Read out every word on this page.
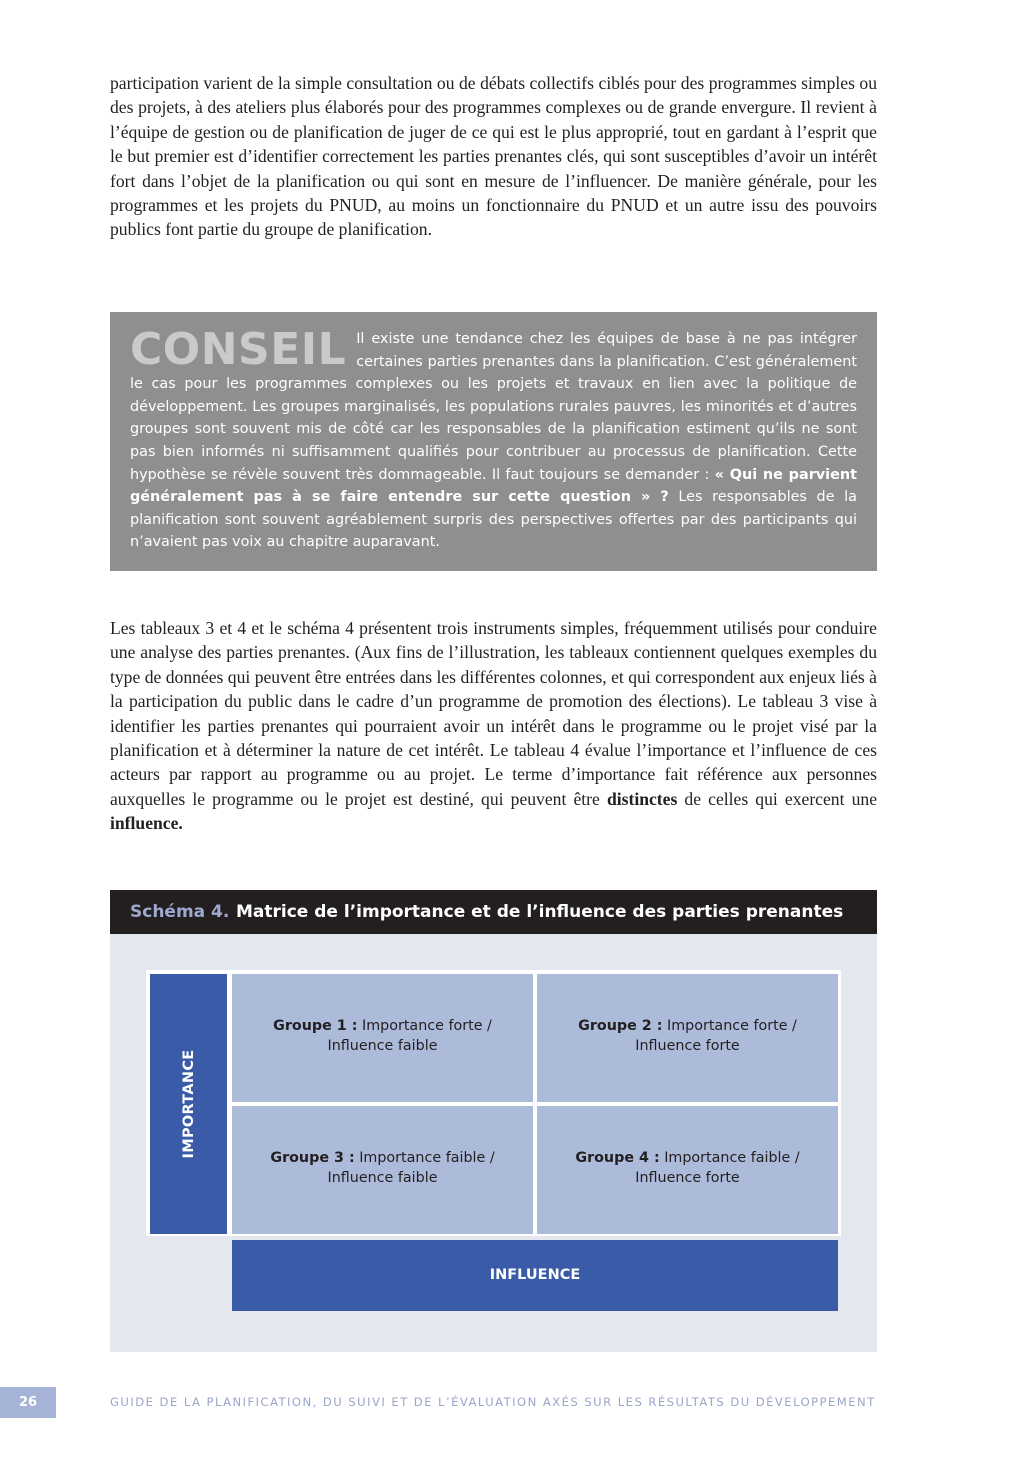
participation varient de la simple consultation ou de débats collectifs ciblés pour des programmes simples ou des projets, à des ateliers plus élaborés pour des programmes complexes ou de grande envergure. Il revient à l’équipe de gestion ou de planification de juger de ce qui est le plus approprié, tout en gardant à l’esprit que le but premier est d’identifier correctement les parties prenantes clés, qui sont susceptibles d’avoir un intérêt fort dans l’objet de la planification ou qui sont en mesure de l’influencer. De manière générale, pour les programmes et les projets du PNUD, au moins un fonctionnaire du PNUD et un autre issu des pouvoirs publics font partie du groupe de planification.

CONSEIL Il existe une tendance chez les équipes de base à ne pas intégrer certaines parties prenantes dans la planification. C’est généralement le cas pour les programmes complexes ou les projets et travaux en lien avec la politique de développement. Les groupes marginalisés, les populations rurales pauvres, les minorités et d’autres groupes sont souvent mis de côté car les responsables de la planification estiment qu’ils ne sont pas bien informés ni suffisamment qualifiés pour contribuer au processus de planification. Cette hypothèse se révèle souvent très dommageable. Il faut toujours se demander : « Qui ne parvient généralement pas à se faire entendre sur cette question » ? Les responsables de la planification sont souvent agréablement surpris des perspectives offertes par des participants qui n’avaient pas voix au chapitre auparavant.

Les tableaux 3 et 4 et le schéma 4 présentent trois instruments simples, fréquemment utilisés pour conduire une analyse des parties prenantes. (Aux fins de l’illustration, les tableaux contiennent quelques exemples du type de données qui peuvent être entrées dans les différentes colonnes, et qui correspondent aux enjeux liés à la participation du public dans le cadre d’un programme de promotion des élections). Le tableau 3 vise à identifier les parties prenantes qui pourraient avoir un intérêt dans le programme ou le projet visé par la planification et à déterminer la nature de cet intérêt. Le tableau 4 évalue l’importance et l’influence de ces acteurs par rapport au programme ou au projet. Le terme d’importance fait référence aux personnes auxquelles le programme ou le projet est destiné, qui peuvent être distinctes de celles qui exercent une influence.

Schéma 4. Matrice de l’importance et de l’influence des parties prenantes
IMPORTANCE
Groupe 1 : Importance forte /
Influence faible
Groupe 2 : Importance forte /
Influence forte
Groupe 3 : Importance faible /
Influence faible
Groupe 4 : Importance faible /
Influence forte
INFLUENCE
26	GUIDE DE LA PLANIFICATION, DU SUIVI ET DE L’ÉVALUATION AXÉS SUR LES RÉSULTATS DU DÉVELOPPEMENT
